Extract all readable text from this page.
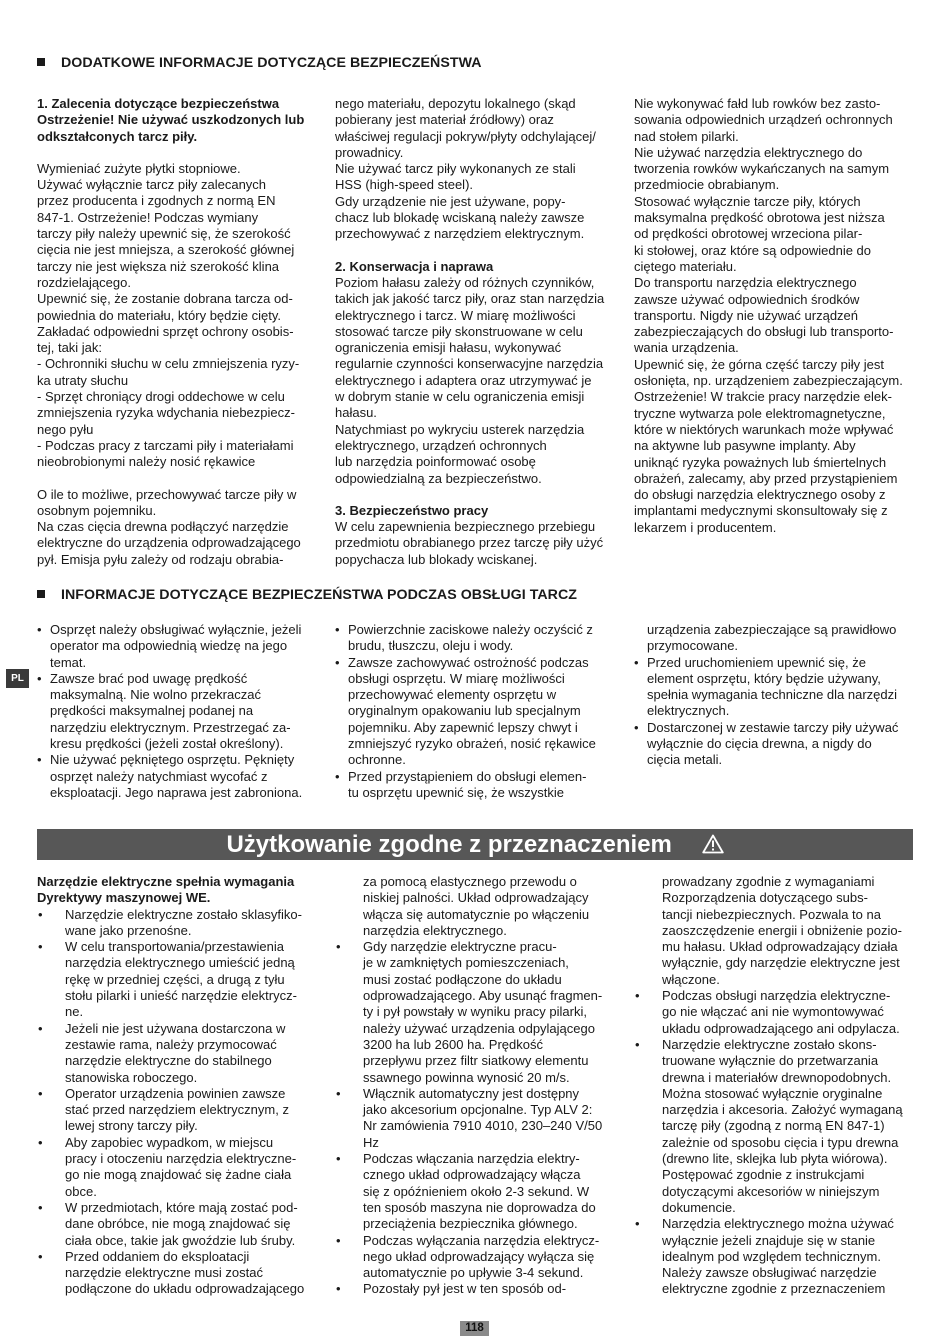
DODATKOWE INFORMACJE DOTYCZĄCE BEZPIECZEŃSTWA

1. Zalecenia dotyczące bezpieczeństwa
Ostrzeżenie! Nie używać uszkodzonych lub
odkształconych tarcz piły.

Wymieniać zużyte płytki stopniowe.
Używać wyłącznie tarcz piły zalecanych
przez producenta i zgodnych z normą EN
847-1. Ostrzeżenie! Podczas wymiany
tarczy piły należy upewnić się, że szerokość
cięcia nie jest mniejsza, a szerokość głównej
tarczy nie jest większa niż szerokość klina
rozdzielającego.
Upewnić się, że zostanie dobrana tarcza od-
powiednia do materiału, który będzie cięty.
Zakładać odpowiedni sprzęt ochrony osobis-
tej, taki jak:
- Ochronniki słuchu w celu zmniejszenia ryzy-
ka utraty słuchu
- Sprzęt chroniący drogi oddechowe w celu
zmniejszenia ryzyka wdychania niebezpiecz-
nego pyłu
- Podczas pracy z tarczami piły i materiałami
nieobrobionymi należy nosić rękawice

O ile to możliwe, przechowywać tarcze piły w
osobnym pojemniku.
Na czas cięcia drewna podłączyć narzędzie
elektryczne do urządzenia odprowadzającego
pył. Emisja pyłu zależy od rodzaju obrabia-

nego materiału, depozytu lokalnego (skąd
pobierany jest materiał źródłowy) oraz
właściwej regulacji pokryw/płyty odchylającej/
prowadnicy.
Nie używać tarcz piły wykonanych ze stali
HSS (high-speed steel).
Gdy urządzenie nie jest używane, popy-
chacz lub blokadę wciskaną należy zawsze
przechowywać z narzędziem elektrycznym.

2. Konserwacja i naprawa

Poziom hałasu zależy od różnych czynników,
takich jak jakość tarcz piły, oraz stan narzędzia
elektrycznego i tarcz. W miarę możliwości
stosować tarcze piły skonstruowane w celu
ograniczenia emisji hałasu, wykonywać
regularnie czynności konserwacyjne narzędzia
elektrycznego i adaptera oraz utrzymywać je
w dobrym stanie w celu ograniczenia emisji
hałasu.
Natychmiast po wykryciu usterek narzędzia
elektrycznego, urządzeń ochronnych
lub narzędzia poinformować osobę
odpowiedzialną za bezpieczeństwo.

3. Bezpieczeństwo pracy

W celu zapewnienia bezpiecznego przebiegu
przedmiotu obrabianego przez tarczę piły użyć
popychacza lub blokady wciskanej.

Nie wykonywać fałd lub rowków bez zasto-
sowania odpowiednich urządzeń ochronnych
nad stołem pilarki.
Nie używać narzędzia elektrycznego do
tworzenia rowków wykańczanych na samym
przedmiocie obrabianym.
Stosować wyłącznie tarcze piły, których
maksymalna prędkość obrotowa jest niższa
od prędkości obrotowej wrzeciona pilar-
ki stołowej, oraz które są odpowiednie do
ciętego materiału.
Do transportu narzędzia elektrycznego
zawsze używać odpowiednich środków
transportu. Nigdy nie używać urządzeń
zabezpieczających do obsługi lub transporto-
wania urządzenia.
Upewnić się, że górna część tarczy piły jest
osłonięta, np. urządzeniem zabezpieczającym.
Ostrzeżenie! W trakcie pracy narzędzie elek-
tryczne wytwarza pole elektromagnetyczne,
które w niektórych warunkach może wpływać
na aktywne lub pasywne implanty. Aby
uniknąć ryzyka poważnych lub śmiertelnych
obrażeń, zalecamy, aby przed przystąpieniem
do obsługi narzędzia elektrycznego osoby z
implantami medycznymi skonsultowały się z
lekarzem i producentem.

INFORMACJE DOTYCZĄCE BEZPIECZEŃSTWA PODCZAS OBSŁUGI TARCZ
PL
• Osprzęt należy obsługiwać wyłącznie, jeżeli
operator ma odpowiednią wiedzę na jego
temat.
• Zawsze brać pod uwagę prędkość
maksymalną. Nie wolno przekraczać
prędkości maksymalnej podanej na
narzędziu elektrycznym. Przestrzegać za-
kresu prędkości (jeżeli został określony).
• Nie używać pękniętego osprzętu. Pęknięty
osprzęt należy natychmiast wycofać z
eksploatacji. Jego naprawa jest zabroniona.
• Powierzchnie zaciskowe należy oczyścić z
brudu, tłuszczu, oleju i wody.
• Zawsze zachowywać ostrożność podczas
obsługi osprzętu. W miarę możliwości
przechowywać elementy osprzętu w
oryginalnym opakowaniu lub specjalnym
pojemniku. Aby zapewnić lepszy chwyt i
zmniejszyć ryzyko obrażeń, nosić rękawice
ochronne.
• Przed przystąpieniem do obsługi elemen-
tu osprzętu upewnić się, że wszystkie

urządzenia zabezpieczające są prawidłowo
przymocowane.

• Przed uruchomieniem upewnić się, że
element osprzętu, który będzie używany,
spełnia wymagania techniczne dla narzędzi
elektrycznych.
• Dostarczonej w zestawie tarczy piły używać
wyłącznie do cięcia drewna, a nigdy do
cięcia metali.
Użytkowanie zgodne z przeznaczeniem

Narzędzie elektryczne spełnia wymagania
Dyrektywy maszynowej WE.

• Narzędzie elektryczne zostało sklasyfiko-
wane jako przenośne.
• W celu transportowania/przestawienia
narzędzia elektrycznego umieścić jedną
rękę w przedniej części, a drugą z tyłu
stołu pilarki i unieść narzędzie elektrycz-
ne.
• Jeżeli nie jest używana dostarczona w
zestawie rama, należy przymocować
narzędzie elektryczne do stabilnego
stanowiska roboczego.
• Operator urządzenia powinien zawsze
stać przed narzędziem elektrycznym, z
lewej strony tarczy piły.
• Aby zapobiec wypadkom, w miejscu
pracy i otoczeniu narzędzia elektryczne-
go nie mogą znajdować się żadne ciała
obce.
• W przedmiotach, które mają zostać pod-
dane obróbce, nie mogą znajdować się
ciała obce, takie jak gwoździe lub śruby.
• Przed oddaniem do eksploatacji
narzędzie elektryczne musi zostać
podłączone do układu odprowadzającego

za pomocą elastycznego przewodu o
niskiej palności. Układ odprowadzający
włącza się automatycznie po włączeniu
narzędzia elektrycznego.

• Gdy narzędzie elektryczne pracu-
je w zamkniętych pomieszczeniach,
musi zostać podłączone do układu
odprowadzającego. Aby usunąć fragmen-
ty i pył powstały w wyniku pracy pilarki,
należy używać urządzenia odpylającego
3200 ha lub 2600 ha. Prędkość
przepływu przez filtr siatkowy elementu
ssawnego powinna wynosić 20 m/s.
• Włącznik automatyczny jest dostępny
jako akcesorium opcjonalne. Typ ALV 2:
Nr zamówienia 7910 4010, 230–240 V/50
Hz
• Podczas włączania narzędzia elektry-
cznego układ odprowadzający włącza
się z opóźnieniem około 2-3 sekund. W
ten sposób maszyna nie doprowadza do
przeciążenia bezpiecznika głównego.
• Podczas wyłączania narzędzia elektrycz-
nego układ odprowadzający wyłącza się
automatycznie po upływie 3-4 sekund.
• Pozostały pył jest w ten sposób od-

prowadzany zgodnie z wymaganiami
Rozporządzenia dotyczącego subs-
tancji niebezpiecznych. Pozwala to na
zaoszczędzenie energii i obniżenie pozio-
mu hałasu. Układ odprowadzający działa
wyłącznie, gdy narzędzie elektryczne jest
włączone.

• Podczas obsługi narzędzia elektryczne-
go nie włączać ani nie wymontowywać
układu odprowadzającego ani odpylacza.
• Narzędzie elektryczne zostało skons-
truowane wyłącznie do przetwarzania
drewna i materiałów drewnopodobnych.
Można stosować wyłącznie oryginalne
narzędzia i akcesoria. Założyć wymaganą
tarczę piły (zgodną z normą EN 847-1)
zależnie od sposobu cięcia i typu drewna
(drewno lite, sklejka lub płyta wiórowa).
Postępować zgodnie z instrukcjami
dotyczącymi akcesoriów w niniejszym
dokumencie.
• Narzędzia elektrycznego można używać
wyłącznie jeżeli znajduje się w stanie
idealnym pod względem technicznym.
Należy zawsze obsługiwać narzędzie
elektryczne zgodnie z przeznaczeniem
118
